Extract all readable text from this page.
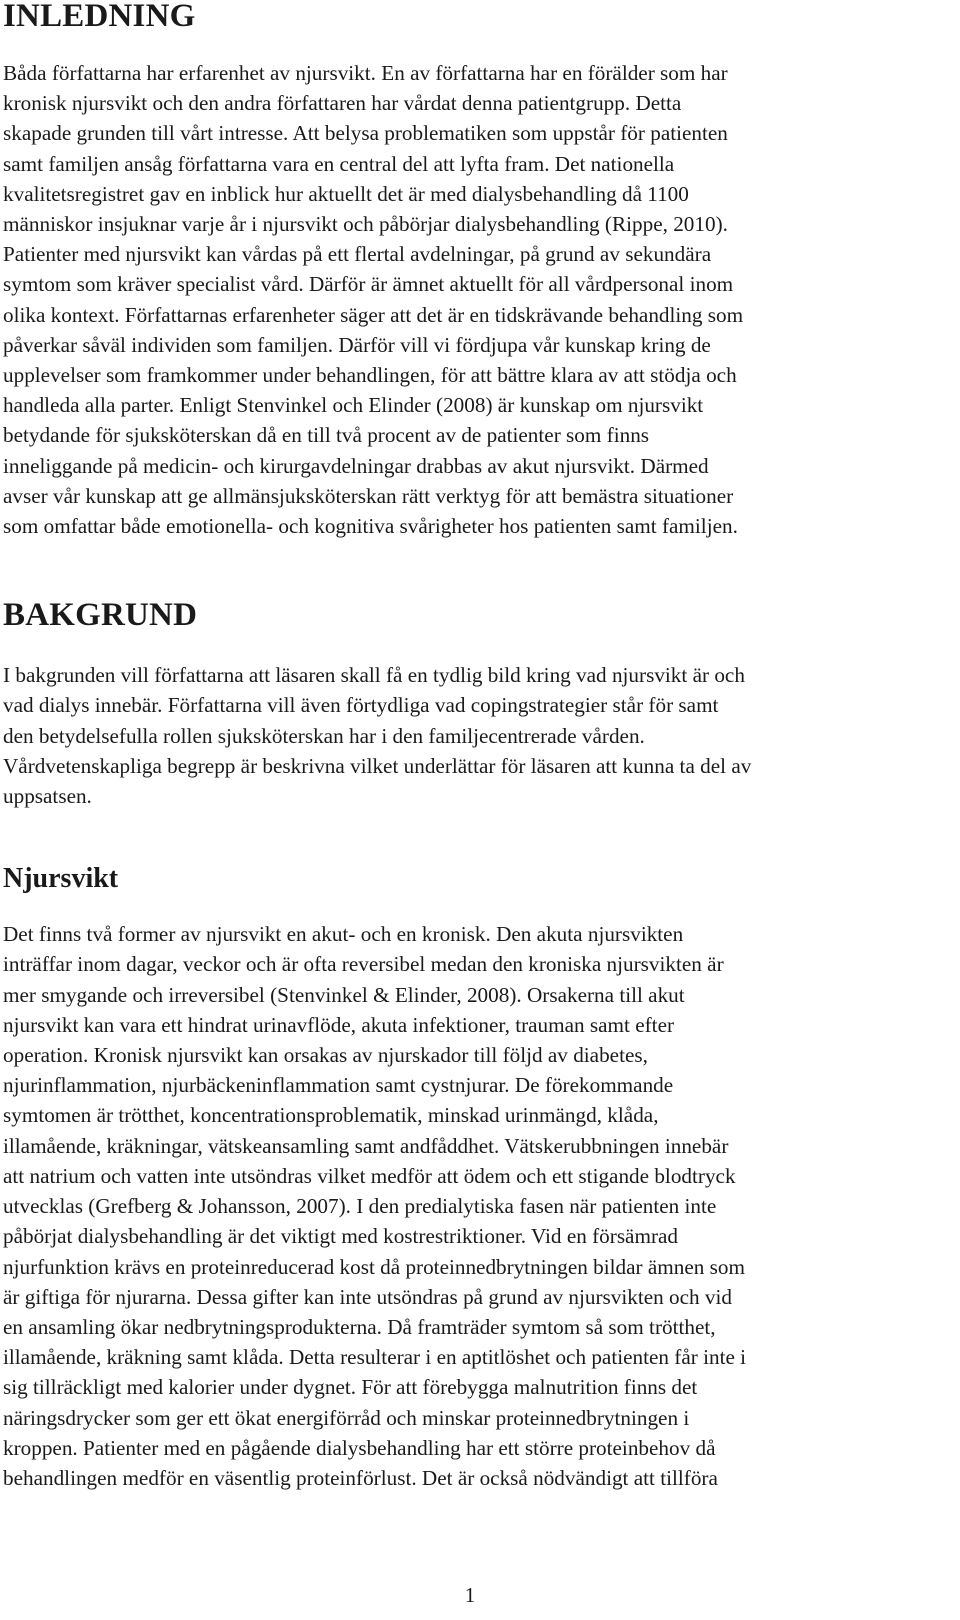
INLEDNING

Båda författarna har erfarenhet av njursvikt. En av författarna har en förälder som har
kronisk njursvikt och den andra författaren har vårdat denna patientgrupp. Detta
skapade grunden till vårt intresse. Att belysa problematiken som uppstår för patienten
samt familjen ansåg författarna vara en central del att lyfta fram. Det nationella
kvalitetsregistret gav en inblick hur aktuellt det är med dialysbehandling då 1100
människor insjuknar varje år i njursvikt och påbörjar dialysbehandling (Rippe, 2010).
Patienter med njursvikt kan vårdas på ett flertal avdelningar, på grund av sekundära
symtom som kräver specialist vård. Därför är ämnet aktuellt för all vårdpersonal inom
olika kontext. Författarnas erfarenheter säger att det är en tidskrävande behandling som
påverkar såväl individen som familjen. Därför vill vi fördjupa vår kunskap kring de
upplevelser som framkommer under behandlingen, för att bättre klara av att stödja och
handleda alla parter. Enligt Stenvinkel och Elinder (2008) är kunskap om njursvikt
betydande för sjuksköterskan då en till två procent av de patienter som finns
inneliggande på medicin- och kirurgavdelningar drabbas av akut njursvikt. Därmed
avser vår kunskap att ge allmänsjuksköterskan rätt verktyg för att bemästra situationer
som omfattar både emotionella- och kognitiva svårigheter hos patienten samt familjen.

BAKGRUND

I bakgrunden vill författarna att läsaren skall få en tydlig bild kring vad njursvikt är och
vad dialys innebär. Författarna vill även förtydliga vad copingstrategier står för samt
den betydelsefulla rollen sjuksköterskan har i den familjecentrerade vården.
Vårdvetenskapliga begrepp är beskrivna vilket underlättar för läsaren att kunna ta del av
uppsatsen.

Njursvikt

Det finns två former av njursvikt en akut- och en kronisk. Den akuta njursvikten
inträffar inom dagar, veckor och är ofta reversibel medan den kroniska njursvikten är
mer smygande och irreversibel (Stenvinkel & Elinder, 2008). Orsakerna till akut
njursvikt kan vara ett hindrat urinavflöde, akuta infektioner, trauman samt efter
operation. Kronisk njursvikt kan orsakas av njurskador till följd av diabetes,
njurinflammation, njurbäckeninflammation samt cystnjurar. De förekommande
symtomen är trötthet, koncentrationsproblematik, minskad urinmängd, klåda,
illamående, kräkningar, vätskeansamling samt andfåddhet. Vätskerubbningen innebär
att natrium och vatten inte utsöndras vilket medför att ödem och ett stigande blodtryck
utvecklas (Grefberg & Johansson, 2007). I den predialytiska fasen när patienten inte
påbörjat dialysbehandling är det viktigt med kostrestriktioner. Vid en försämrad
njurfunktion krävs en proteinreducerad kost då proteinnedbrytningen bildar ämnen som
är giftiga för njurarna. Dessa gifter kan inte utsöndras på grund av njursvikten och vid
en ansamling ökar nedbrytningsprodukterna. Då framträder symtom så som trötthet,
illamående, kräkning samt klåda. Detta resulterar i en aptitlöshet och patienten får inte i
sig tillräckligt med kalorier under dygnet. För att förebygga malnutrition finns det
näringsdrycker som ger ett ökat energiförråd och minskar proteinnedbrytningen i
kroppen. Patienter med en pågående dialysbehandling har ett större proteinbehov då
behandlingen medför en väsentlig proteinförlust. Det är också nödvändigt att tillföra

1
